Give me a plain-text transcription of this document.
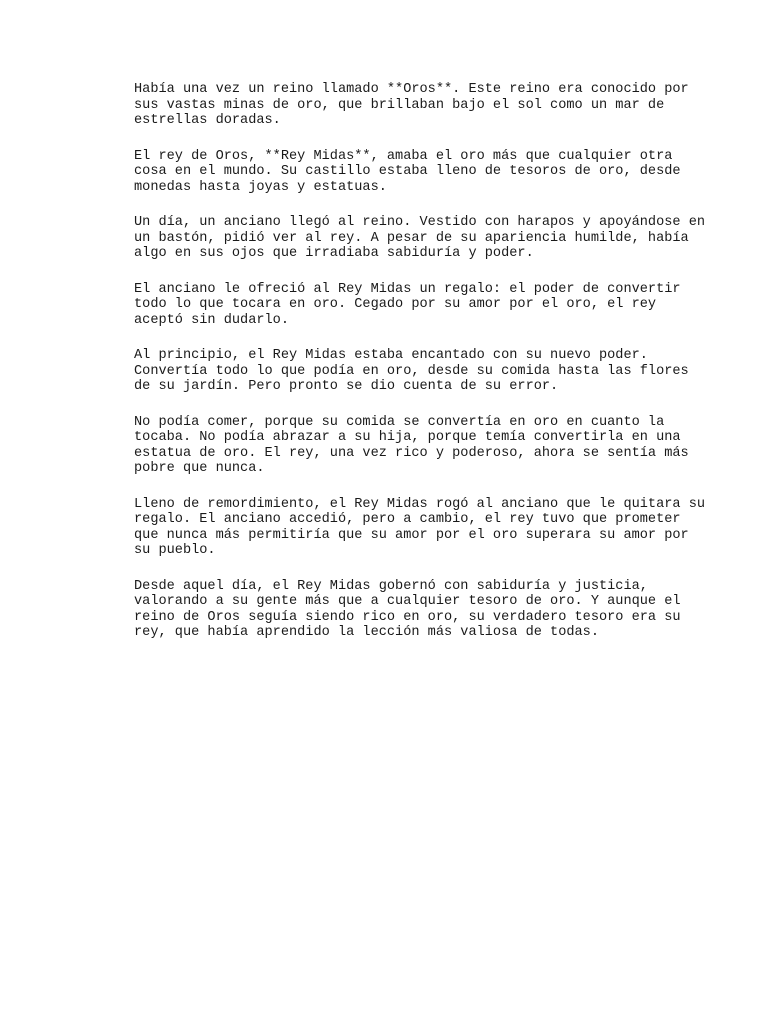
Había una vez un reino llamado **Oros**. Este reino era conocido por
sus vastas minas de oro, que brillaban bajo el sol como un mar de
estrellas doradas.

El rey de Oros, **Rey Midas**, amaba el oro más que cualquier otra
cosa en el mundo. Su castillo estaba lleno de tesoros de oro, desde
monedas hasta joyas y estatuas.

Un día, un anciano llegó al reino. Vestido con harapos y apoyándose en
un bastón, pidió ver al rey. A pesar de su apariencia humilde, había
algo en sus ojos que irradiaba sabiduría y poder.

El anciano le ofreció al Rey Midas un regalo: el poder de convertir
todo lo que tocara en oro. Cegado por su amor por el oro, el rey
aceptó sin dudarlo.

Al principio, el Rey Midas estaba encantado con su nuevo poder.
Convertía todo lo que podía en oro, desde su comida hasta las flores
de su jardín. Pero pronto se dio cuenta de su error.

No podía comer, porque su comida se convertía en oro en cuanto la
tocaba. No podía abrazar a su hija, porque temía convertirla en una
estatua de oro. El rey, una vez rico y poderoso, ahora se sentía más
pobre que nunca.

Lleno de remordimiento, el Rey Midas rogó al anciano que le quitara su
regalo. El anciano accedió, pero a cambio, el rey tuvo que prometer
que nunca más permitiría que su amor por el oro superara su amor por
su pueblo.

Desde aquel día, el Rey Midas gobernó con sabiduría y justicia,
valorando a su gente más que a cualquier tesoro de oro. Y aunque el
reino de Oros seguía siendo rico en oro, su verdadero tesoro era su
rey, que había aprendido la lección más valiosa de todas.
